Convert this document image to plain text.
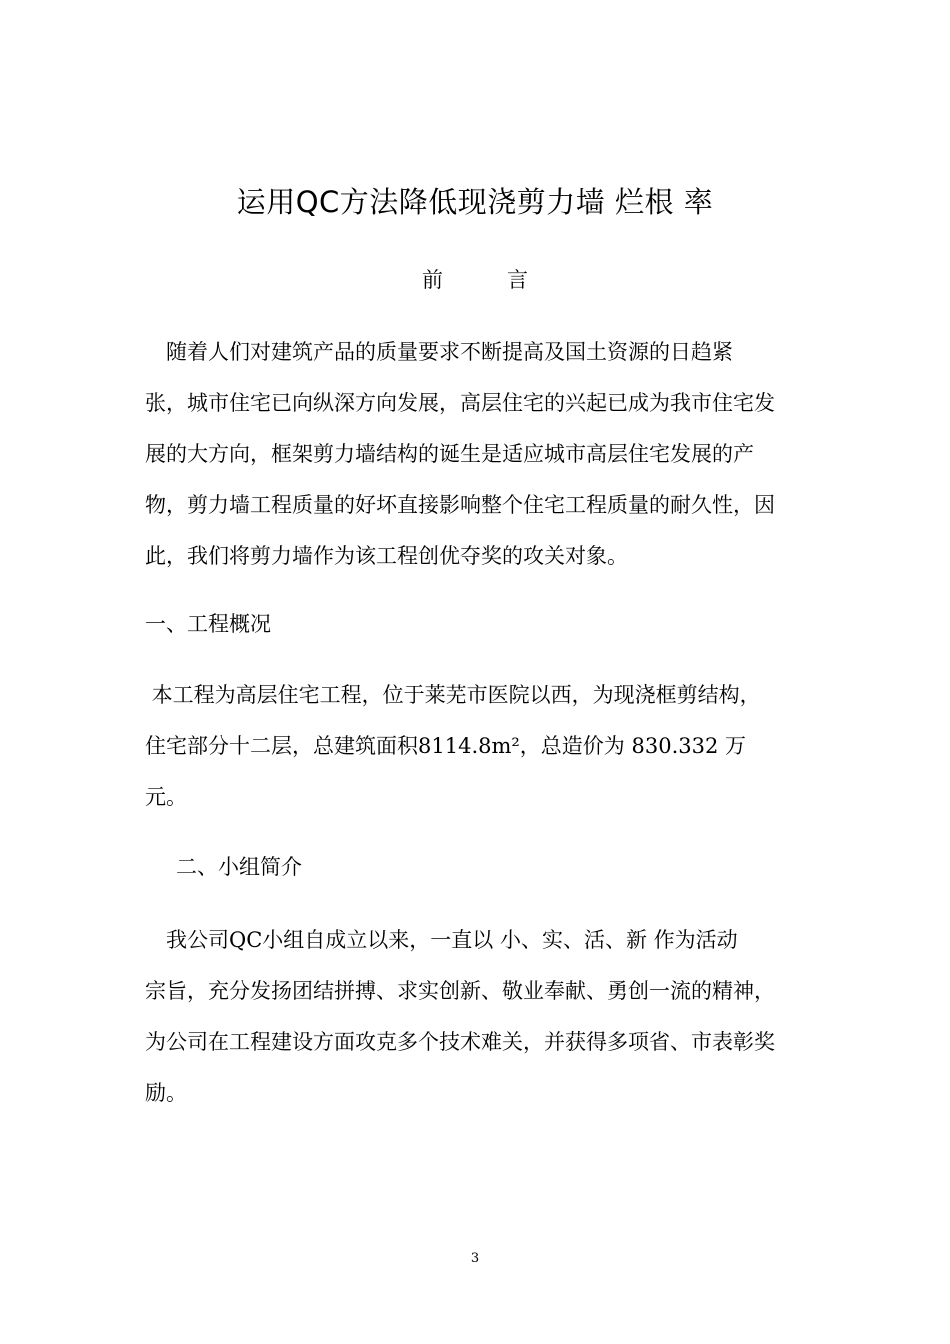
运用QC方法降低现浇剪力墙 烂根 率
前      言
　随着人们对建筑产品的质量要求不断提高及国土资源的日趋紧
张，城市住宅已向纵深方向发展，高层住宅的兴起已成为我市住宅发
展的大方向，框架剪力墙结构的诞生是适应城市高层住宅发展的产
物，剪力墙工程质量的好坏直接影响整个住宅工程质量的耐久性，因
此，我们将剪力墙作为该工程创优夺奖的攻关对象。
一、工程概况
本工程为高层住宅工程，位于莱芜市医院以西，为现浇框剪结构，
住宅部分十二层，总建筑面积8114.8m²，总造价为 830.332 万
元。
二、小组简介
　我公司QC小组自成立以来，一直以 小、实、活、新 作为活动
宗旨，充分发扬团结拼搏、求实创新、敬业奉献、勇创一流的精神，
为公司在工程建设方面攻克多个技术难关，并获得多项省、市表彰奖
励。
3
